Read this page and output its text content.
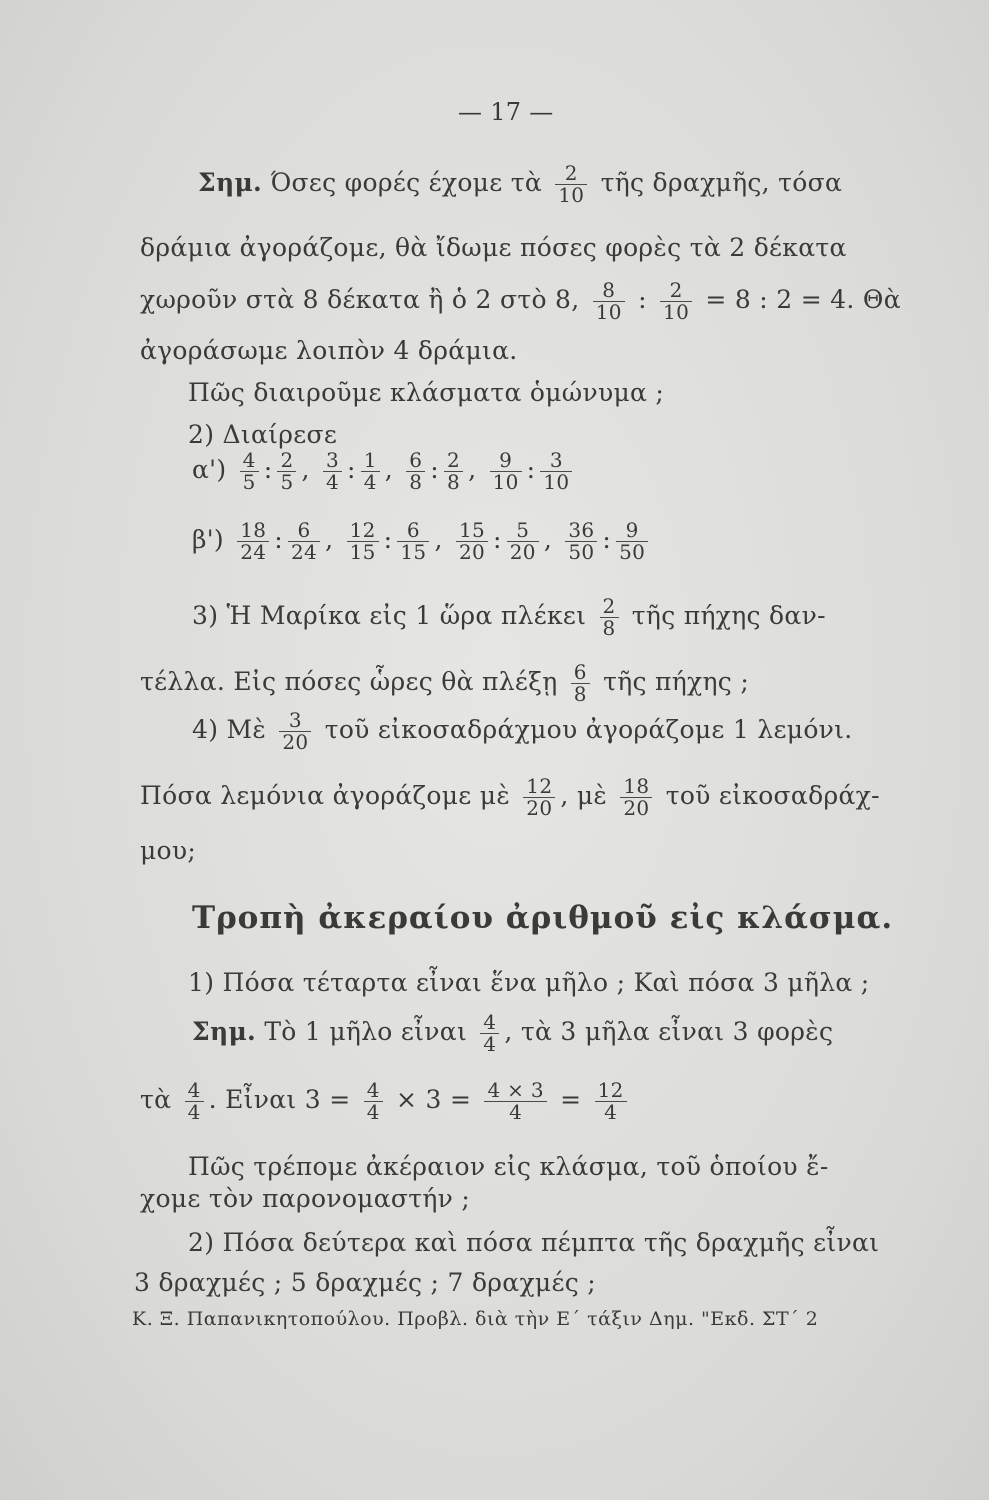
— 17 —
Σημ. Όσες φορές έχομε τὰ $\frac{2}{10}$ τῆς δραχμῆς, τόσα
δράμια ἀγοράζομε, θὰ ἴδωμε πόσες φορὲς τὰ 2 δέκατα
χωροῦν στὰ 8 δέκατα ἢ ὁ 2 στὸ 8, $\frac{8}{10}$ : $\frac{2}{10} = 8$ : 2 = 4. Θὰ
ἀγοράσωμε λοιπὸν 4 δράμια.
Πῶς διαιροῦμε κλάσματα ὁμώνυμα ;
2) Διαίρεσε
$\alpha') \frac{4}{5}$ : $\frac{2}{5}$ , $\frac{3}{4}$ : $\frac{1}{4}$ , $\frac{6}{8}$ : $\frac{2}{8}$ , $\frac{9}{10}$ : $\frac{3}{10}$
$\beta') \frac{18}{24}$ : $\frac{6}{24}$ , $\frac{12}{15}$ : $\frac{6}{15}$ , $\frac{15}{20}$ : $\frac{5}{20}$ , $\frac{36}{50}$ : $\frac{9}{50}$
3) Ἡ Μαρίκα εἰς 1 ὥρα πλέκει $\frac{2}{8}$ τῆς πήχης δαν-
τέλλα. Εἰς πόσες ὧρες θὰ πλέξῃ $\frac{6}{8}$ τῆς πήχης ;
4) Μὲ $\frac{3}{20}$ τοῦ εἰκοσαδράχμου ἀγοράζομε 1 λεμόνι.
Πόσα λεμόνια ἀγοράζομε μὲ $\frac{12}{20}$ , μὲ $\frac{18}{20}$ τοῦ εἰκοσαδράχ-
μου;
Τροπὴ ἀκεραίου ἀριθμοῦ εἰς κλάσμα.
1) Πόσα τέταρτα εἶναι ἕνα μῆλο ; Καὶ πόσα 3 μῆλα ;
Σημ. Τὸ 1 μῆλο εἶναι $\frac{4}{4}$ , τὰ 3 μῆλα εἶναι 3 φορὲς
τὰ $\frac{4}{4}$ . Εἶναι $3 = \frac{4}{4} \times 3 = \frac{4 \times 3}{4} = \frac{12}{4}$
Πῶς τρέπομε ἀκέραιον εἰς κλάσμα, τοῦ ὁποίου ἔ-
χομε τὸν παρονομαστήν ;
2) Πόσα δεύτερα καὶ πόσα πέμπτα τῆς δραχμῆς εἶναι
3 δραχμές ; 5 δραχμές ; 7 δραχμές ;
Κ. Ξ. Παπανικητοπούλου. Προβλ. διὰ τὴν Ε΄ τάξιν Δημ. "Εκδ. ΣΤ΄ 2
